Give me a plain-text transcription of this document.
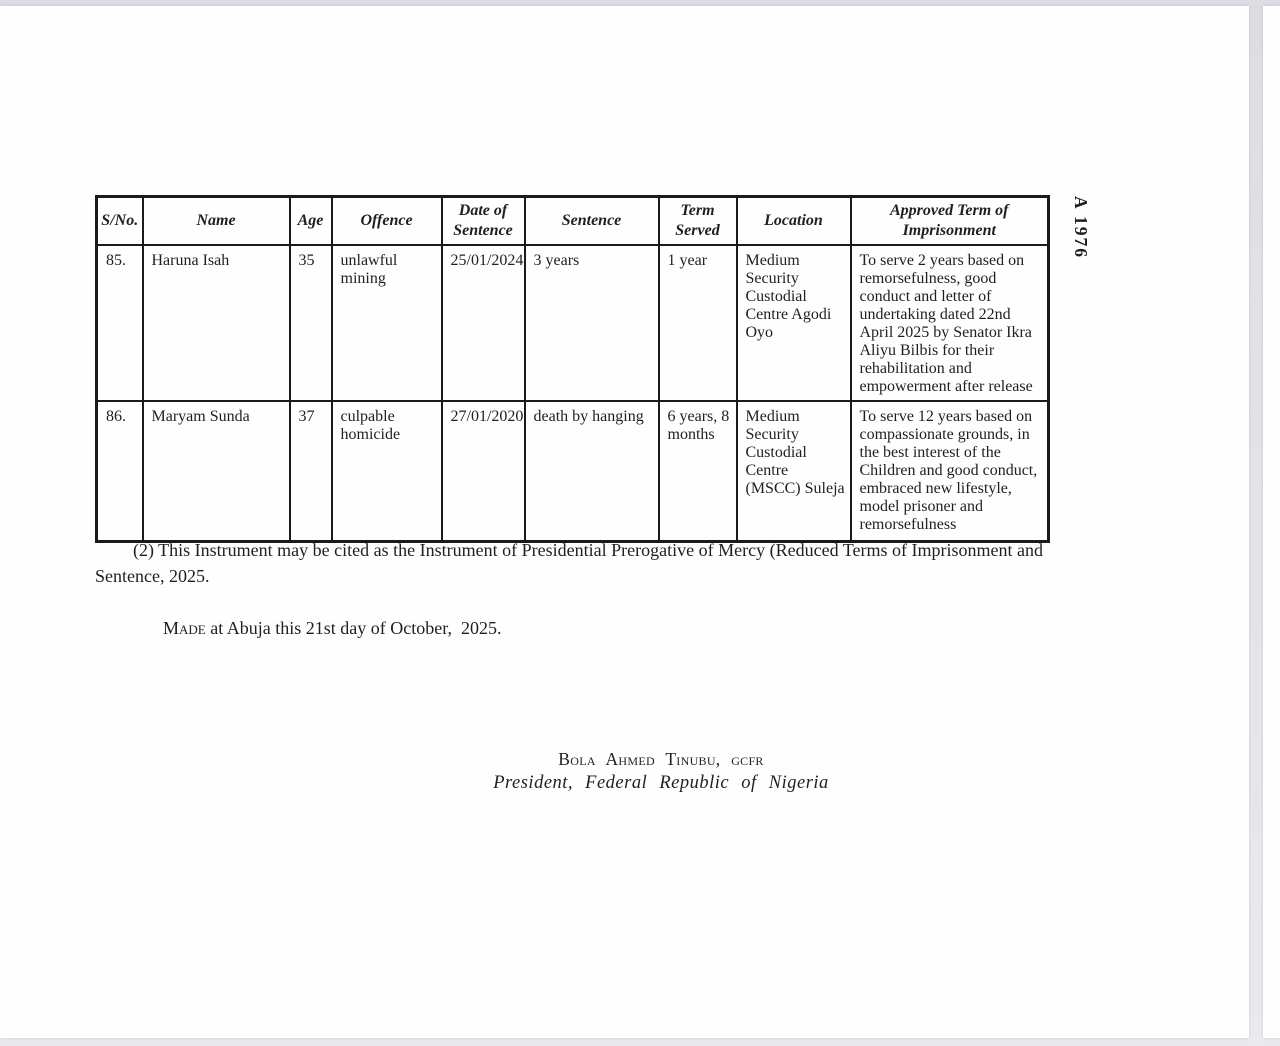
A 1976
S/No.	Name	Age	Offence	Date of Sentence	Sentence	Term Served	Location	Approved Term of Imprisonment
85.	Haruna Isah	35	unlawful mining	25/01/2024	3 years	1 year	Medium Security Custodial Centre Agodi Oyo	To serve 2 years based on remorsefulness, good conduct and letter of undertaking dated 22nd April 2025 by Senator Ikra Aliyu Bilbis for their rehabilitation and empowerment after release
86.	Maryam Sunda	37	culpable homicide	27/01/2020	death by hanging	6 years, 8 months	Medium Security Custodial Centre (MSCC) Suleja	To serve 12 years based on compassionate grounds, in the best interest of the Children and good conduct, embraced new lifestyle, model prisoner and remorsefulness

(2) This Instrument may be cited as the Instrument of Presidential Prerogative of Mercy (Reduced Terms of Imprisonment and Sentence, 2025.

Made at Abuja this 21st day of October,  2025.

Bola Ahmed Tinubu, gcfr
President, Federal Republic of Nigeria
